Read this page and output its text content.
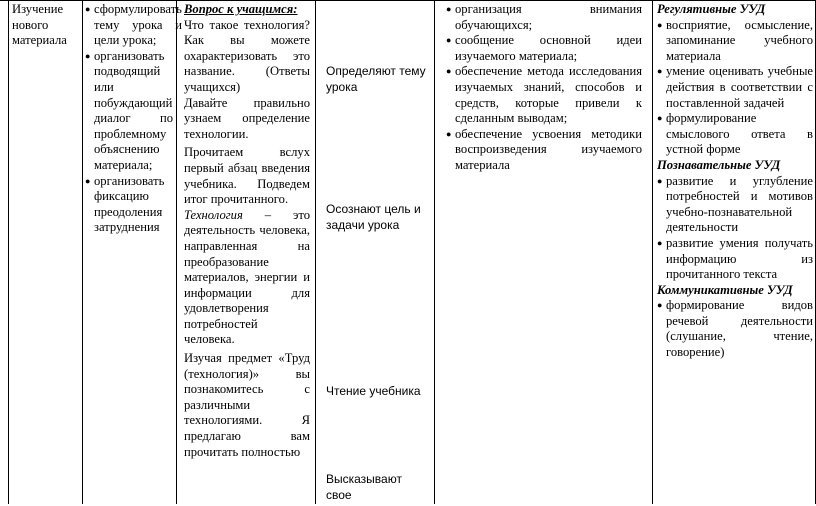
Изучение нового материала
● сформулировать тему урока и цели урока;
● организовать подводящий или побуждающий диалог по проблемному объяснению материала;
● организовать фиксацию преодоления затруднения
Вопрос к учащимся:
Что такое технология? Как вы можете охарактеризовать это название. (Ответы учащихся)
Давайте правильно узнаем определение технологии.
Прочитаем вслух первый абзац введения учебника. Подведем итог прочитанного.
Технология – это деятельность человека, направленная на преобразование материалов, энергии и информации для удовлетворения потребностей человека.
Изучая предмет «Труд (технология)» вы познакомитесь с различными технологиями. Я предлагаю вам прочитать полностью
Определяют тему урока
Осознают цель и задачи урока
Чтение учебника
Высказывают свое
● организация внимания обучающихся;
● сообщение основной идеи изучаемого материала;
● обеспечение метода исследования изучаемых знаний, способов и средств, которые привели к сделанным выводам;
● обеспечение усвоения методики воспроизведения изучаемого материала
Регулятивные УУД
● восприятие, осмысление, запоминание учебного материала
● умение оценивать учебные действия в соответствии с поставленной задачей
● формулирование смыслового ответа в устной форме
Познавательные УУД
● развитие и углубление потребностей и мотивов учебно-познавательной деятельности
● развитие умения получать информацию из прочитанного текста
Коммуникативные УУД
● формирование видов речевой деятельности (слушание, чтение, говорение)
